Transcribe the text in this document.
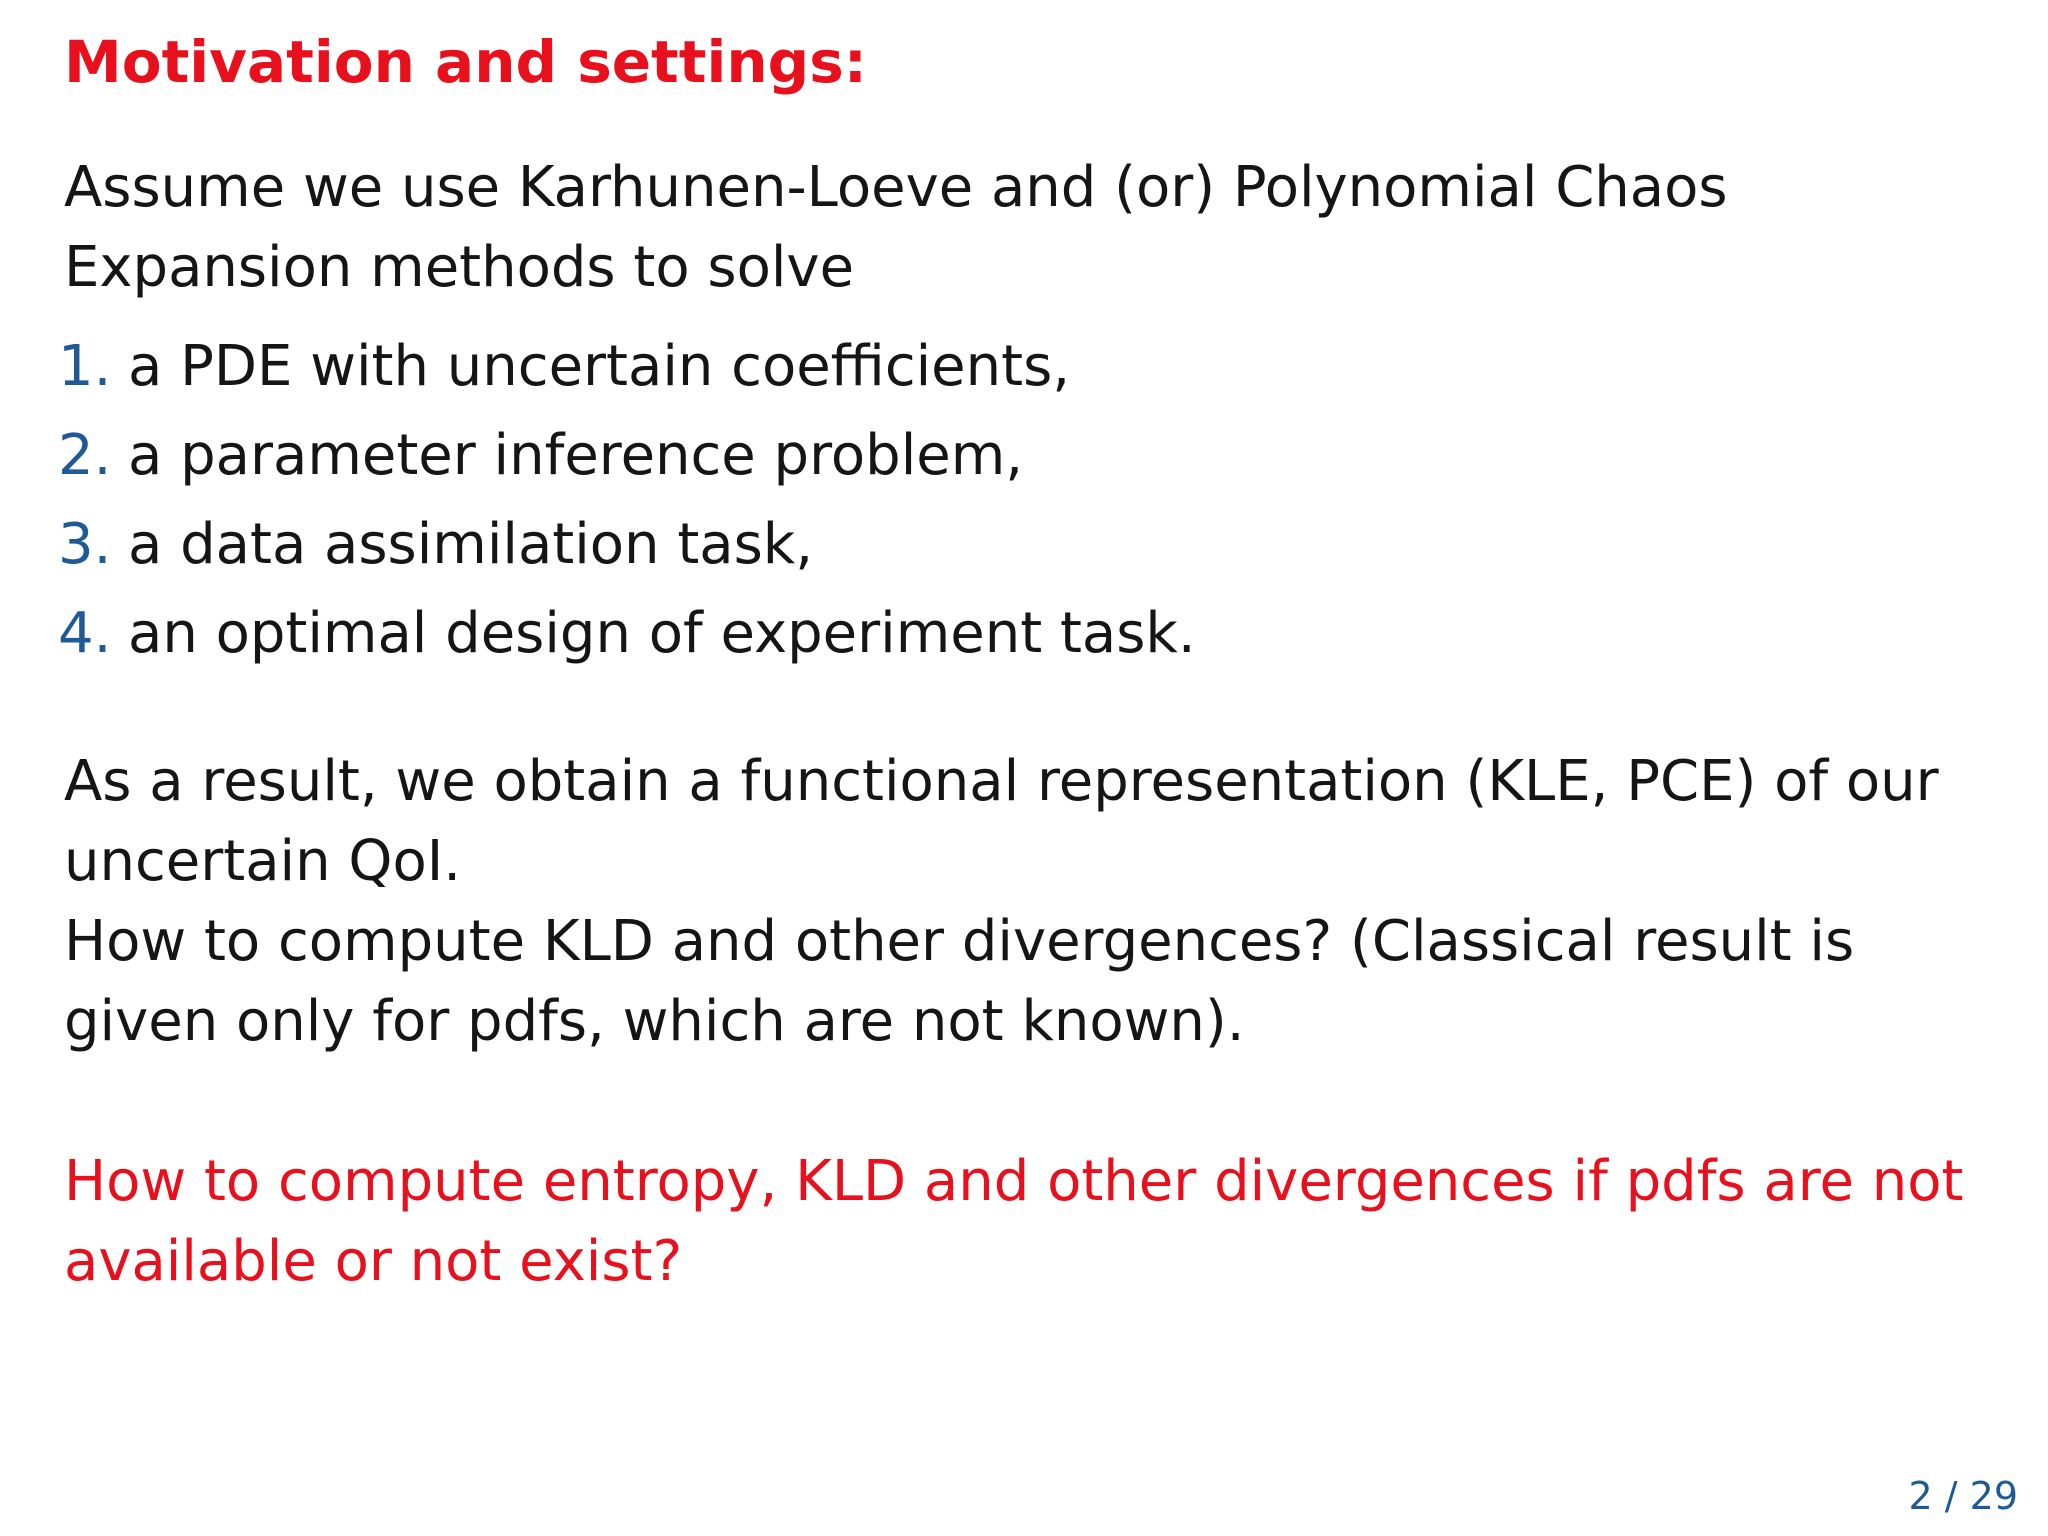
Motivation and settings:

Assume we use Karhunen-Loeve and (or) Polynomial Chaos Expansion methods to solve

1. a PDE with uncertain coefficients,
2. a parameter inference problem,
3. a data assimilation task,
4. an optimal design of experiment task.

As a result, we obtain a functional representation (KLE, PCE) of our uncertain QoI.

How to compute KLD and other divergences? (Classical result is given only for pdfs, which are not known).

How to compute entropy, KLD and other divergences if pdfs are not available or not exist?

2 / 29
